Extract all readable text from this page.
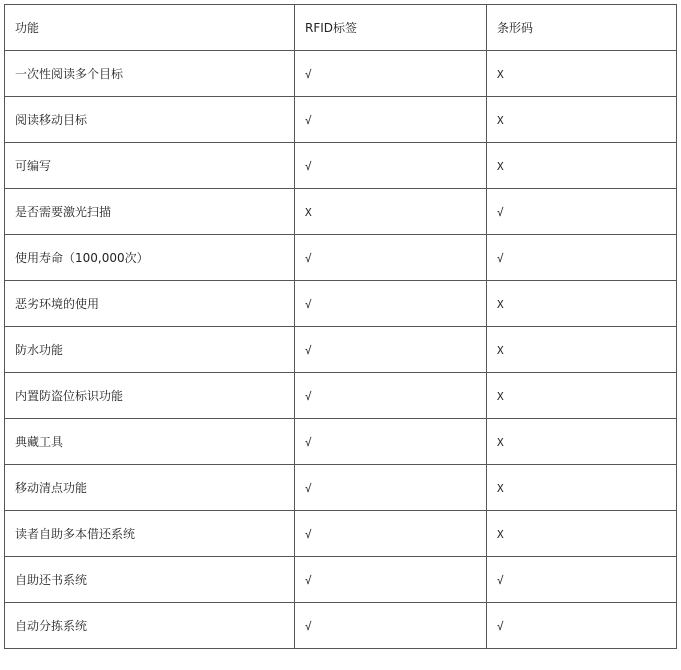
功能	RFID标签	条形码
一次性阅读多个目标	√	X
阅读移动目标	√	X
可编写	√	X
是否需要激光扫描	X	√
使用寿命（100,000次）	√	√
恶劣环境的使用	√	X
防水功能	√	X
内置防盗位标识功能	√	X
典藏工具	√	X
移动清点功能	√	X
读者自助多本借还系统	√	X
自助还书系统	√	√
自动分拣系统	√	√
